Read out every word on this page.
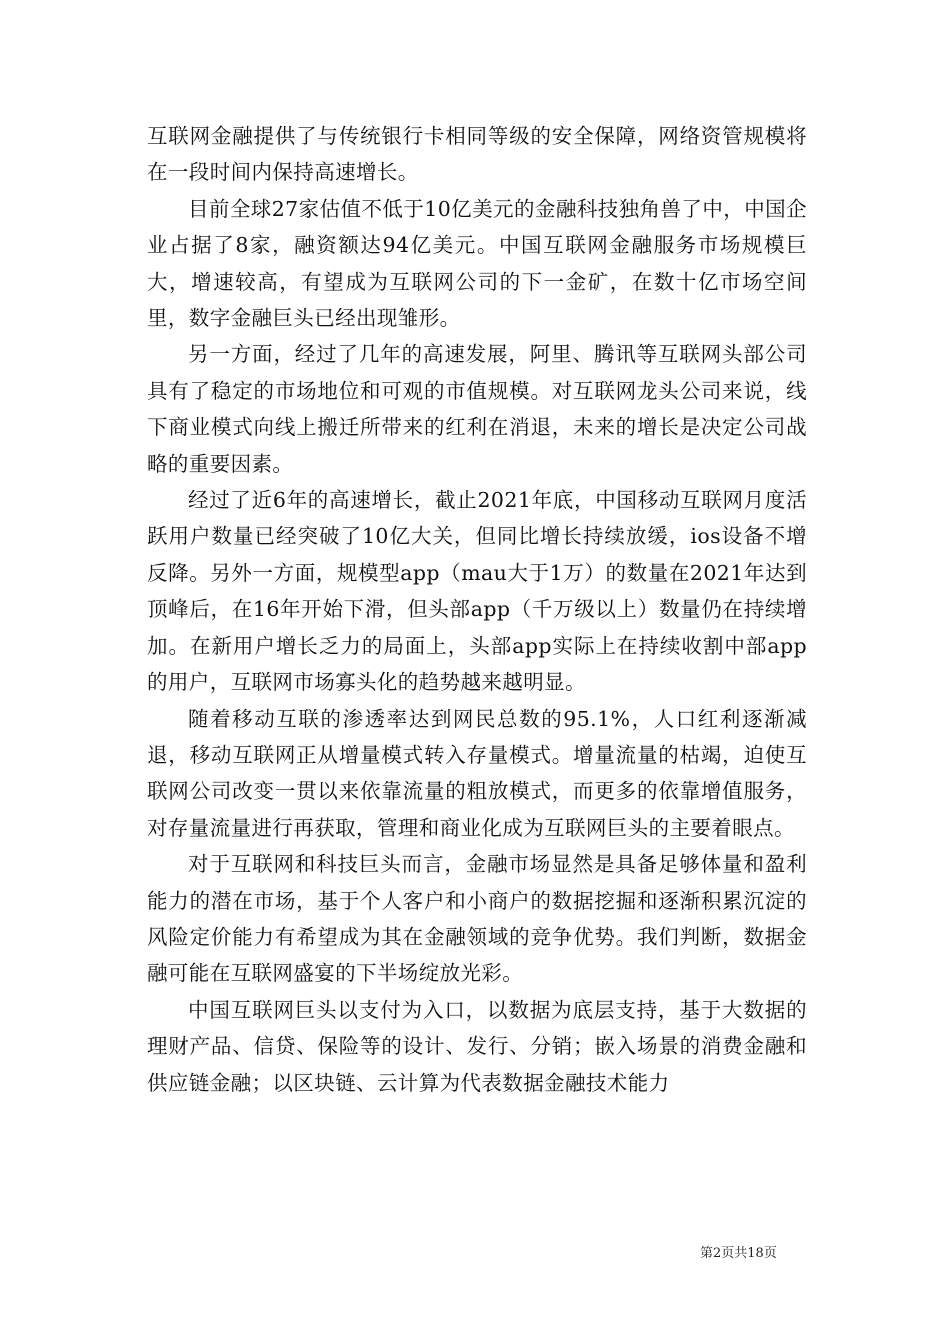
互联网金融提供了与传统银行卡相同等级的安全保障，网络资管规模将在一段时间内保持高速增长。

目前全球27家估值不低于10亿美元的金融科技独角兽了中，中国企业占据了8家，融资额达94亿美元。中国互联网金融服务市场规模巨大，增速较高，有望成为互联网公司的下一金矿，在数十亿市场空间里，数字金融巨头已经出现雏形。

另一方面，经过了几年的高速发展，阿里、腾讯等互联网头部公司具有了稳定的市场地位和可观的市值规模。对互联网龙头公司来说，线下商业模式向线上搬迁所带来的红利在消退，未来的增长是决定公司战略的重要因素。

经过了近6年的高速增长，截止2021年底，中国移动互联网月度活跃用户数量已经突破了10亿大关，但同比增长持续放缓，ios设备不增反降。另外一方面，规模型app（mau大于1万）的数量在2021年达到顶峰后，在16年开始下滑，但头部app（千万级以上）数量仍在持续增加。在新用户增长乏力的局面上，头部app实际上在持续收割中部app的用户，互联网市场寡头化的趋势越来越明显。

随着移动互联的渗透率达到网民总数的95.1%，人口红利逐渐减退，移动互联网正从增量模式转入存量模式。增量流量的枯竭，迫使互联网公司改变一贯以来依靠流量的粗放模式，而更多的依靠增值服务，对存量流量进行再获取，管理和商业化成为互联网巨头的主要着眼点。

对于互联网和科技巨头而言，金融市场显然是具备足够体量和盈利能力的潜在市场，基于个人客户和小商户的数据挖掘和逐渐积累沉淀的风险定价能力有希望成为其在金融领域的竞争优势。我们判断，数据金融可能在互联网盛宴的下半场绽放光彩。

中国互联网巨头以支付为入口，以数据为底层支持，基于大数据的理财产品、信贷、保险等的设计、发行、分销；嵌入场景的消费金融和供应链金融；以区块链、云计算为代表数据金融技术能力

第2页共18页
